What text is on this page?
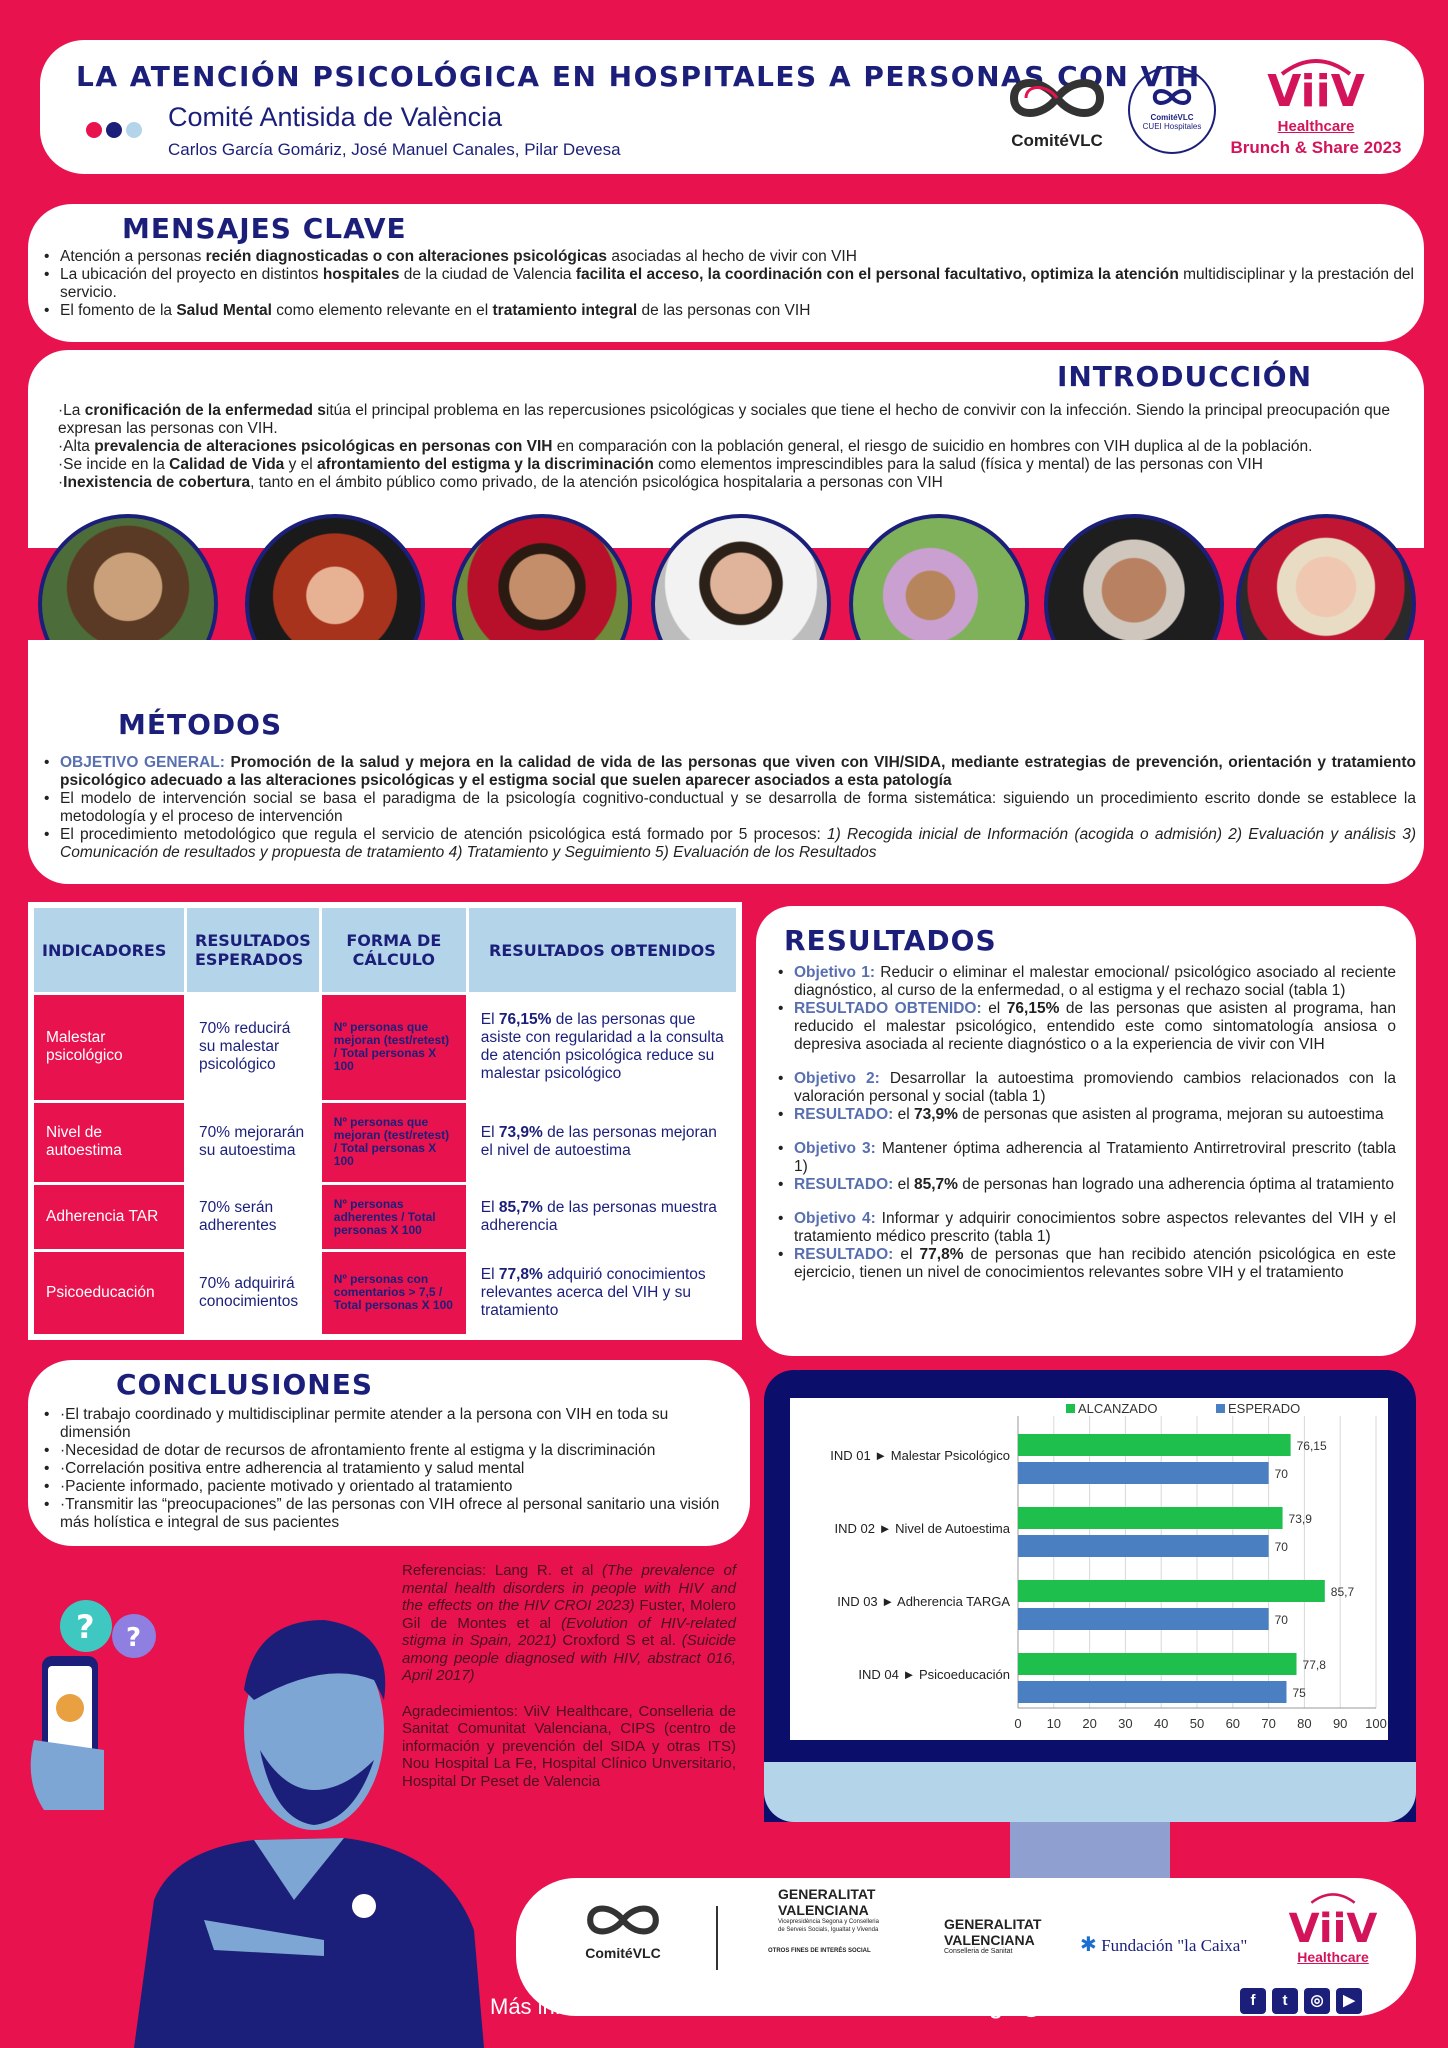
LA ATENCIÓN PSICOLÓGICA EN HOSPITALES A PERSONAS CON VIH
Comité Antisida de València
Carlos García Gomáriz, José Manuel Canales, Pilar Devesa	ComitéVLC
ComitéVLC
CUEI Hospitales
ViiV
Healthcare
Brunch & Share 2023
MENSAJES CLAVE
• Atención a personas recién diagnosticadas o con alteraciones psicológicas asociadas al hecho de vivir con VIH
• La ubicación del proyecto en distintos hospitales de la ciudad de Valencia facilita el acceso, la coordinación con el personal facultativo, optimiza la atención multidisciplinar y la prestación del servicio.
• El fomento de la Salud Mental como elemento relevante en el tratamiento integral de las personas con VIH
INTRODUCCIÓN
·La cronificación de la enfermedad sitúa el principal problema en las repercusiones psicológicas y sociales que tiene el hecho de convivir con la infección. Siendo la principal preocupación que expresan las personas con VIH.
·Alta prevalencia de alteraciones psicológicas en personas con VIH en comparación con la población general, el riesgo de suicidio en hombres con VIH duplica al de la población.
·Se incide en la Calidad de Vida y el afrontamiento del estigma y la discriminación como elementos imprescindibles para la salud (física y mental) de las personas con VIH
·Inexistencia de cobertura, tanto en el ámbito público como privado, de la atención psicológica hospitalaria a personas con VIH
MÉTODOS
• OBJETIVO GENERAL: Promoción de la salud y mejora en la calidad de vida de las personas que viven con VIH/SIDA, mediante estrategias de prevención, orientación y tratamiento psicológico adecuado a las alteraciones psicológicas y el estigma social que suelen aparecer asociados a esta patología
• El modelo de intervención social se basa el paradigma de la psicología cognitivo-conductual y se desarrolla de forma sistemática: siguiendo un procedimiento escrito donde se establece la metodología y el proceso de intervención
• El procedimiento metodológico que regula el servicio de atención psicológica está formado por 5 procesos: 1) Recogida inicial de Información (acogida o admisión) 2) Evaluación y análisis 3) Comunicación de resultados y propuesta de tratamiento 4) Tratamiento y Seguimiento 5) Evaluación de los Resultados
INDICADORES	RESULTADOS ESPERADOS	FORMA DE CÁLCULO	RESULTADOS OBTENIDOS
Malestar psicológico	70% reducirá su malestar psicológico	Nº personas que mejoran (test/retest) / Total personas X 100	El 76,15% de las personas que asiste con regularidad a la consulta de atención psicológica reduce su malestar psicológico
Nivel de autoestima	70% mejorarán su autoestima	Nº personas que mejoran (test/retest) / Total personas X 100	El 73,9% de las personas mejoran el nivel de autoestima
Adherencia TAR	70% serán adherentes	Nº personas adherentes / Total personas X 100	El 85,7% de las personas muestra adherencia
Psicoeducación	70% adquirirá conocimientos	Nº personas con comentarios > 7,5 / Total personas X 100	El 77,8% adquirió conocimientos relevantes acerca del VIH y su tratamiento
RESULTADOS
• Objetivo 1: Reducir o eliminar el malestar emocional/ psicológico asociado al reciente diagnóstico, al curso de la enfermedad, o al estigma y el rechazo social (tabla 1)
• RESULTADO OBTENIDO: el 76,15% de las personas que asisten al programa, han reducido el malestar psicológico, entendido este como sintomatología ansiosa o depresiva asociada al reciente diagnóstico o a la experiencia de vivir con VIH
• Objetivo 2: Desarrollar la autoestima promoviendo cambios relacionados con la valoración personal y social (tabla 1)
• RESULTADO: el 73,9% de personas que asisten al programa, mejoran su autoestima
• Objetivo 3: Mantener óptima adherencia al Tratamiento Antirretroviral prescrito (tabla 1)
• RESULTADO: el 85,7% de personas han logrado una adherencia óptima al tratamiento
• Objetivo 4: Informar y adquirir conocimientos sobre aspectos relevantes del VIH y el tratamiento médico prescrito (tabla 1)
• RESULTADO: el 77,8% de personas que han recibido atención psicológica en este ejercicio, tienen un nivel de conocimientos relevantes sobre VIH y el tratamiento
CONCLUSIONES
• ·El trabajo coordinado y multidisciplinar permite atender a la persona con VIH en toda su dimensión
• ·Necesidad de dotar de recursos de afrontamiento frente al estigma y la discriminación
• ·Correlación positiva entre adherencia al tratamiento y salud mental
• ·Paciente informado, paciente motivado y orientado al tratamiento
• ·Transmitir las “preocupaciones” de las personas con VIH ofrece al personal sanitario una visión más holística e integral de sus pacientes
0 10 20 30 40 50 60 70 80 90 100
ALCANZADO	ESPERADO
IND 01 ► Malestar Psicológico
76,15
70
IND 02 ► Nivel de Autoestima
73,9
70
IND 03 ► Adherencia TARGA
85,7
70
IND 04 ► Psicoeducación
77,8
75
? ?
Referencias: Lang R. et al (The prevalence of mental health disorders in people with HIV and the effects on the HIV CROI 2023) Fuster, Molero Gil de Montes et al (Evolution of HIV-related stigma in Spain, 2021) Croxford S et al. (Suicide among people diagnosed with HIV, abstract 016, April 2017)
Agradecimientos: ViiV Healthcare, Conselleria de Sanitat Comunitat Valenciana, CIPS (centro de información y prevención del SIDA y otras ITS) Nou Hospital La Fe, Hospital Clínico Unversitario, Hospital Dr Peset de Valencia
ComitéVLC
GENERALITAT VALENCIANA
Vicepresidència Segona y Conselleria de Serveis Socials, Igualtat y Vivenda
OTROS FINES DE INTERÉS SOCIAL
GENERALITAT VALENCIANA
Conselleria de Sanitat	✱ Fundación "la Caixa" ViiV
Healthcare
Más información: www.comiteantisidavalencia.org / @ComiteVLC	f	t	◎	▶
